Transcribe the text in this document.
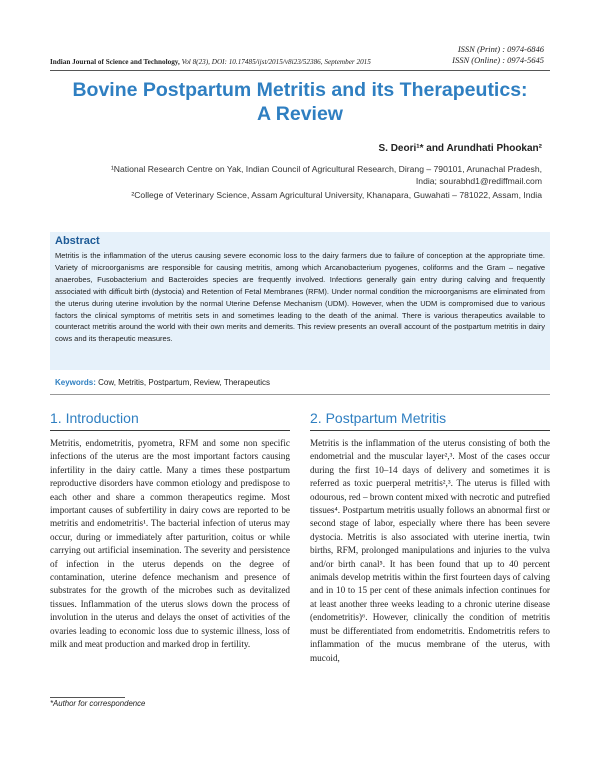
ISSN (Print) : 0974-6846
ISSN (Online) : 0974-5645
Indian Journal of Science and Technology, Vol 8(23), DOI: 10.17485/ijst/2015/v8i23/52386, September 2015
Bovine Postpartum Metritis and its Therapeutics:
A Review
S. Deori¹* and Arundhati Phookan²
¹National Research Centre on Yak, Indian Council of Agricultural Research, Dirang – 790101, Arunachal Pradesh,
India; sourabhd1@rediffmail.com
²College of Veterinary Science, Assam Agricultural University, Khanapara, Guwahati – 781022, Assam, India
Abstract
Metritis is the inflammation of the uterus causing severe economic loss to the dairy farmers due to failure of conception at the appropriate time. Variety of microorganisms are responsible for causing metritis, among which Arcanobacterium pyogenes, coliforms and the Gram – negative anaerobes, Fusobacterium and Bacteroides species are frequently involved. Infections generally gain entry during calving and frequently associated with difficult birth (dystocia) and Retention of Fetal Membranes (RFM). Under normal condition the microorganisms are eliminated from the uterus during uterine involution by the normal Uterine Defense Mechanism (UDM). However, when the UDM is compromised due to various factors the clinical symptoms of metritis sets in and sometimes leading to the death of the animal. There is various therapeutics available to counteract metritis around the world with their own merits and demerits. This review presents an overall account of the postpartum metritis in dairy cows and its therapeutic measures.
Keywords: Cow, Metritis, Postpartum, Review, Therapeutics
1. Introduction
Metritis, endometritis, pyometra, RFM and some non specific infections of the uterus are the most important factors causing infertility in the dairy cattle. Many a times these postpartum reproductive disorders have common etiology and predispose to each other and share a common therapeutics regime. Most important causes of subfertility in dairy cows are reported to be metritis and endometritis¹. The bacterial infection of uterus may occur, during or immediately after parturition, coitus or while carrying out artificial insemination. The severity and persistence of infection in the uterus depends on the degree of contamination, uterine defence mechanism and presence of substrates for the growth of the microbes such as devitalized tissues. Inflammation of the uterus slows down the process of involution in the uterus and delays the onset of activities of the ovaries leading to economic loss due to systemic illness, loss of milk and meat production and marked drop in fertility.
2. Postpartum Metritis
Metritis is the inflammation of the uterus consisting of both the endometrial and the muscular layer²,³. Most of the cases occur during the first 10–14 days of delivery and sometimes it is referred as toxic puerperal metritis²,³. The uterus is filled with odourous, red – brown content mixed with necrotic and putrefied tissues⁴. Postpartum metritis usually follows an abnormal first or second stage of labor, especially where there has been severe dystocia. Metritis is also associated with uterine inertia, twin births, RFM, prolonged manipulations and injuries to the vulva and/or birth canal⁵. It has been found that up to 40 percent animals develop metritis within the first fourteen days of calving and in 10 to 15 per cent of these animals infection continues for at least another three weeks leading to a chronic uterine disease (endometritis)⁶. However, clinically the condition of metritis must be differentiated from endometritis. Endometritis refers to inflammation of the mucus membrane of the uterus, with mucoid,
*Author for correspondence
